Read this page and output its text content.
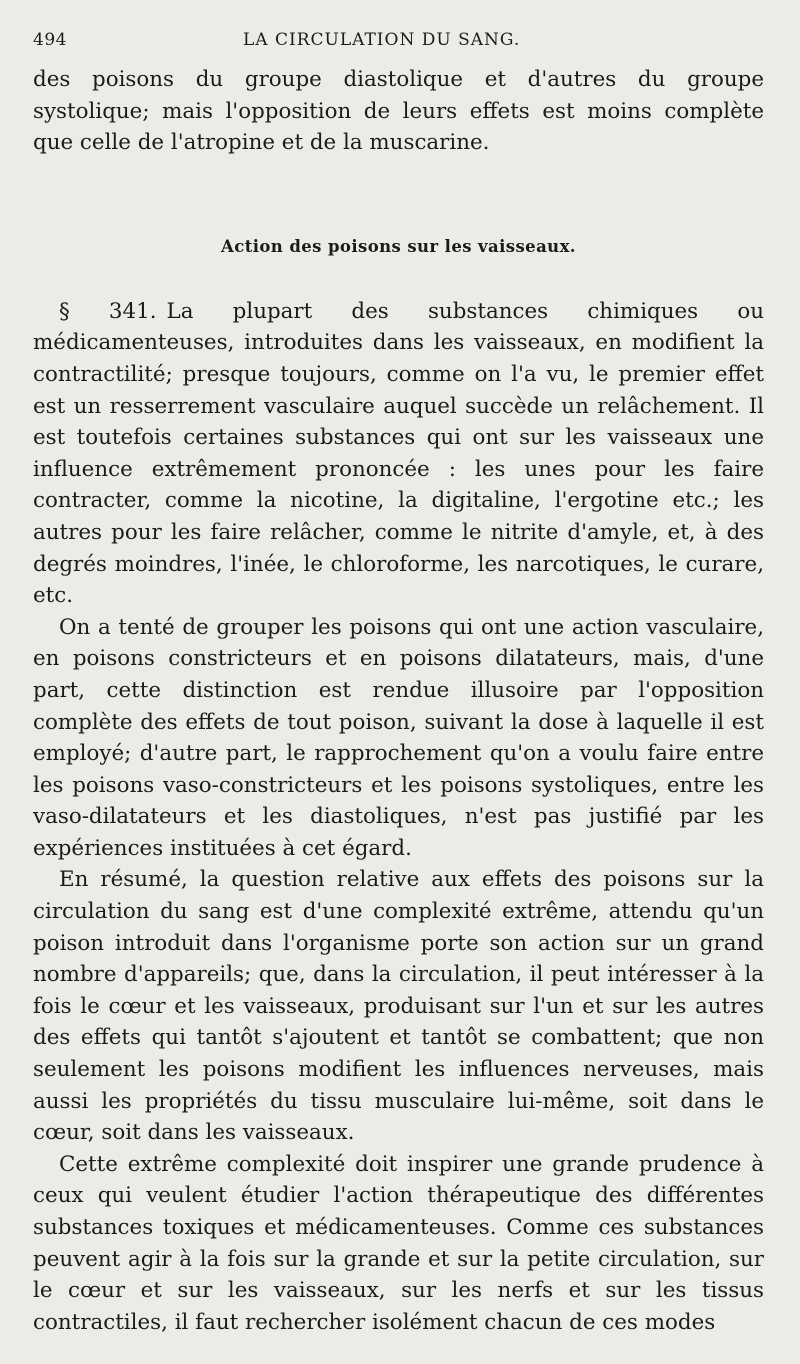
494	LA CIRCULATION DU SANG.

des poisons du groupe diastolique et d'autres du groupe systolique; mais l'opposition de leurs effets est moins complète que celle de l'atropine et de la muscarine.

Action des poisons sur les vaisseaux.

§ 341. La plupart des substances chimiques ou médicamenteuses, introduites dans les vaisseaux, en modifient la contractilité; presque toujours, comme on l'a vu, le premier effet est un resserrement vasculaire auquel succède un relâchement. Il est toutefois certaines substances qui ont sur les vaisseaux une influence extrêmement prononcée : les unes pour les faire contracter, comme la nicotine, la digitaline, l'ergotine etc.; les autres pour les faire relâcher, comme le nitrite d'amyle, et, à des degrés moindres, l'inée, le chloroforme, les narcotiques, le curare, etc.

On a tenté de grouper les poisons qui ont une action vasculaire, en poisons constricteurs et en poisons dilatateurs, mais, d'une part, cette distinction est rendue illusoire par l'opposition complète des effets de tout poison, suivant la dose à laquelle il est employé; d'autre part, le rapprochement qu'on a voulu faire entre les poisons vaso-constricteurs et les poisons systoliques, entre les vaso-dilatateurs et les diastoliques, n'est pas justifié par les expériences instituées à cet égard.

En résumé, la question relative aux effets des poisons sur la circulation du sang est d'une complexité extrême, attendu qu'un poison introduit dans l'organisme porte son action sur un grand nombre d'appareils; que, dans la circulation, il peut intéresser à la fois le cœur et les vaisseaux, produisant sur l'un et sur les autres des effets qui tantôt s'ajoutent et tantôt se combattent; que non seulement les poisons modifient les influences nerveuses, mais aussi les propriétés du tissu musculaire lui-même, soit dans le cœur, soit dans les vaisseaux.

Cette extrême complexité doit inspirer une grande prudence à ceux qui veulent étudier l'action thérapeutique des différentes substances toxiques et médicamenteuses. Comme ces substances peuvent agir à la fois sur la grande et sur la petite circulation, sur le cœur et sur les vaisseaux, sur les nerfs et sur les tissus contractiles, il faut rechercher isolément chacun de ces modes
